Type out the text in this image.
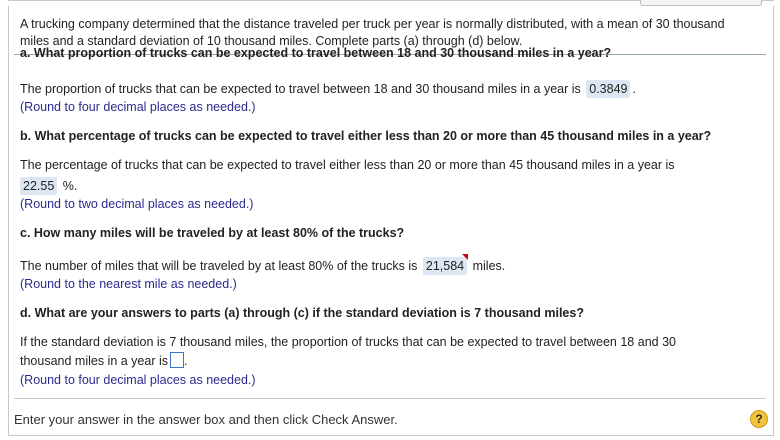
A trucking company determined that the distance traveled per truck per year is normally distributed, with a mean of 30 thousand
miles and a standard deviation of 10 thousand miles. Complete parts (a) through (d) below.
a. What proportion of trucks can be expected to travel between 18 and 30 thousand miles in a year?
The proportion of trucks that can be expected to travel between 18 and 30 thousand miles in a year is 0.3849 .
(Round to four decimal places as needed.)
b. What percentage of trucks can be expected to travel either less than 20 or more than 45 thousand miles in a year?
The percentage of trucks that can be expected to travel either less than 20 or more than 45 thousand miles in a year is
22.55 %.
(Round to two decimal places as needed.)
c. How many miles will be traveled by at least 80% of the trucks?
The number of miles that will be traveled by at least 80% of the trucks is 21,584 miles.
(Round to the nearest mile as needed.)
d. What are your answers to parts (a) through (c) if the standard deviation is 7 thousand miles?
If the standard deviation is 7 thousand miles, the proportion of trucks that can be expected to travel between 18 and 30
thousand miles in a year is .
(Round to four decimal places as needed.)
Enter your answer in the answer box and then click Check Answer.	?
